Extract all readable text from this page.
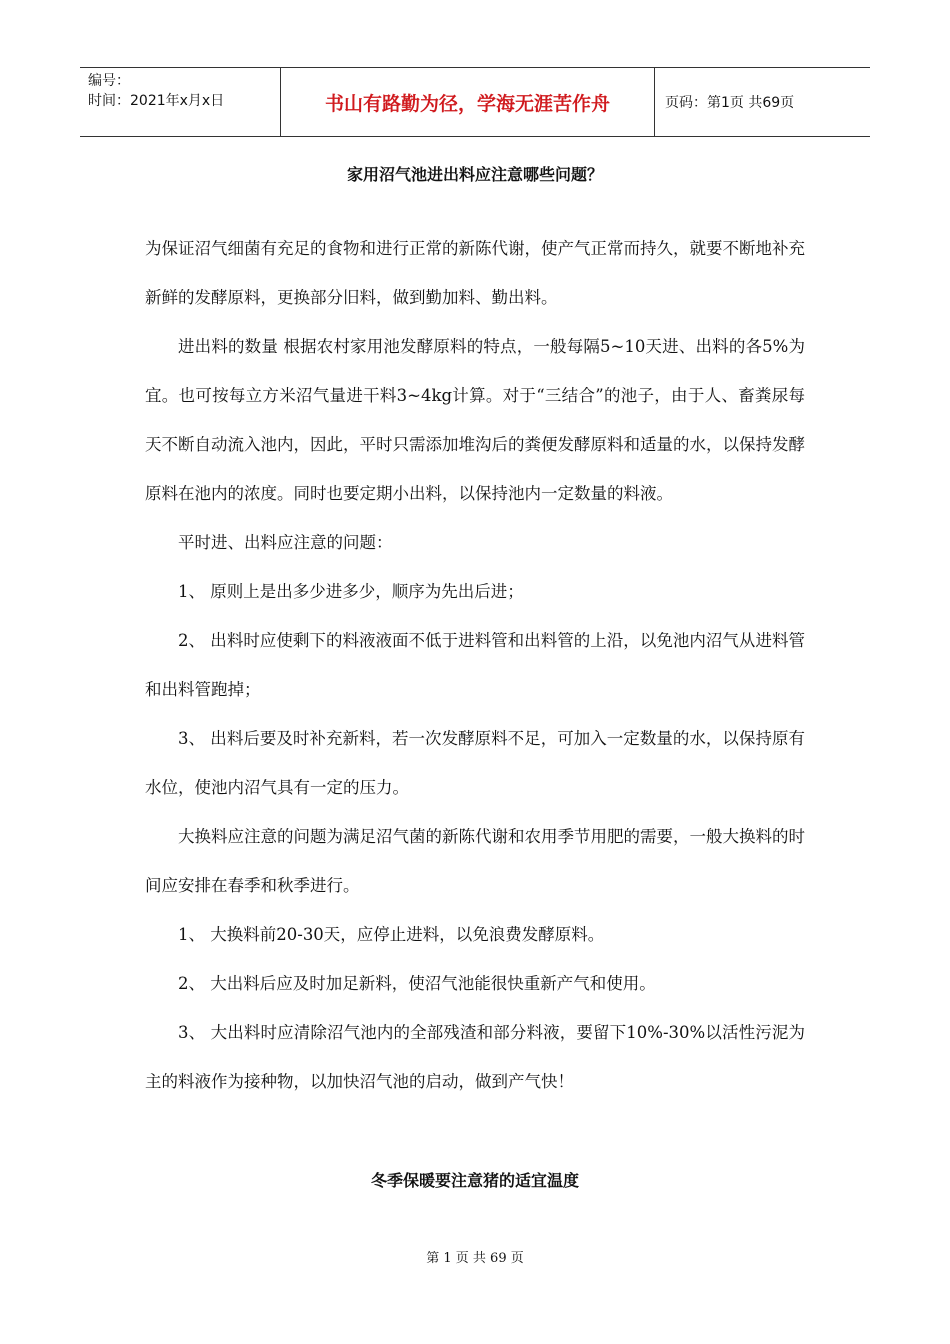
编号：
时间：2021年x月x日	书山有路勤为径，学海无涯苦作舟	页码：第1页 共69页
家用沼气池进出料应注意哪些问题？

为保证沼气细菌有充足的食物和进行正常的新陈代谢，使产气正常而持久，就要不断地补充新鲜的发酵原料，更换部分旧料，做到勤加料、勤出料。

进出料的数量 根据农村家用池发酵原料的特点，一般每隔5~10天进、出料的各5%为宜。也可按每立方米沼气量进干料3~4kg计算。对于“三结合”的池子，由于人、畜粪尿每天不断自动流入池内，因此，平时只需添加堆沟后的粪便发酵原料和适量的水，以保持发酵原料在池内的浓度。同时也要定期小出料，以保持池内一定数量的料液。

平时进、出料应注意的问题：

1、 原则上是出多少进多少，顺序为先出后进；

2、 出料时应使剩下的料液液面不低于进料管和出料管的上沿，以免池内沼气从进料管和出料管跑掉；

3、 出料后要及时补充新料，若一次发酵原料不足，可加入一定数量的水，以保持原有水位，使池内沼气具有一定的压力。

大换料应注意的问题为满足沼气菌的新陈代谢和农用季节用肥的需要，一般大换料的时间应安排在春季和秋季进行。

1、 大换料前20-30天，应停止进料，以免浪费发酵原料。

2、 大出料后应及时加足新料，使沼气池能很快重新产气和使用。

3、 大出料时应清除沼气池内的全部残渣和部分料液，要留下10%-30%以活性污泥为主的料液作为接种物，以加快沼气池的启动，做到产气快！

冬季保暖要注意猪的适宜温度
第 1 页 共 69 页
